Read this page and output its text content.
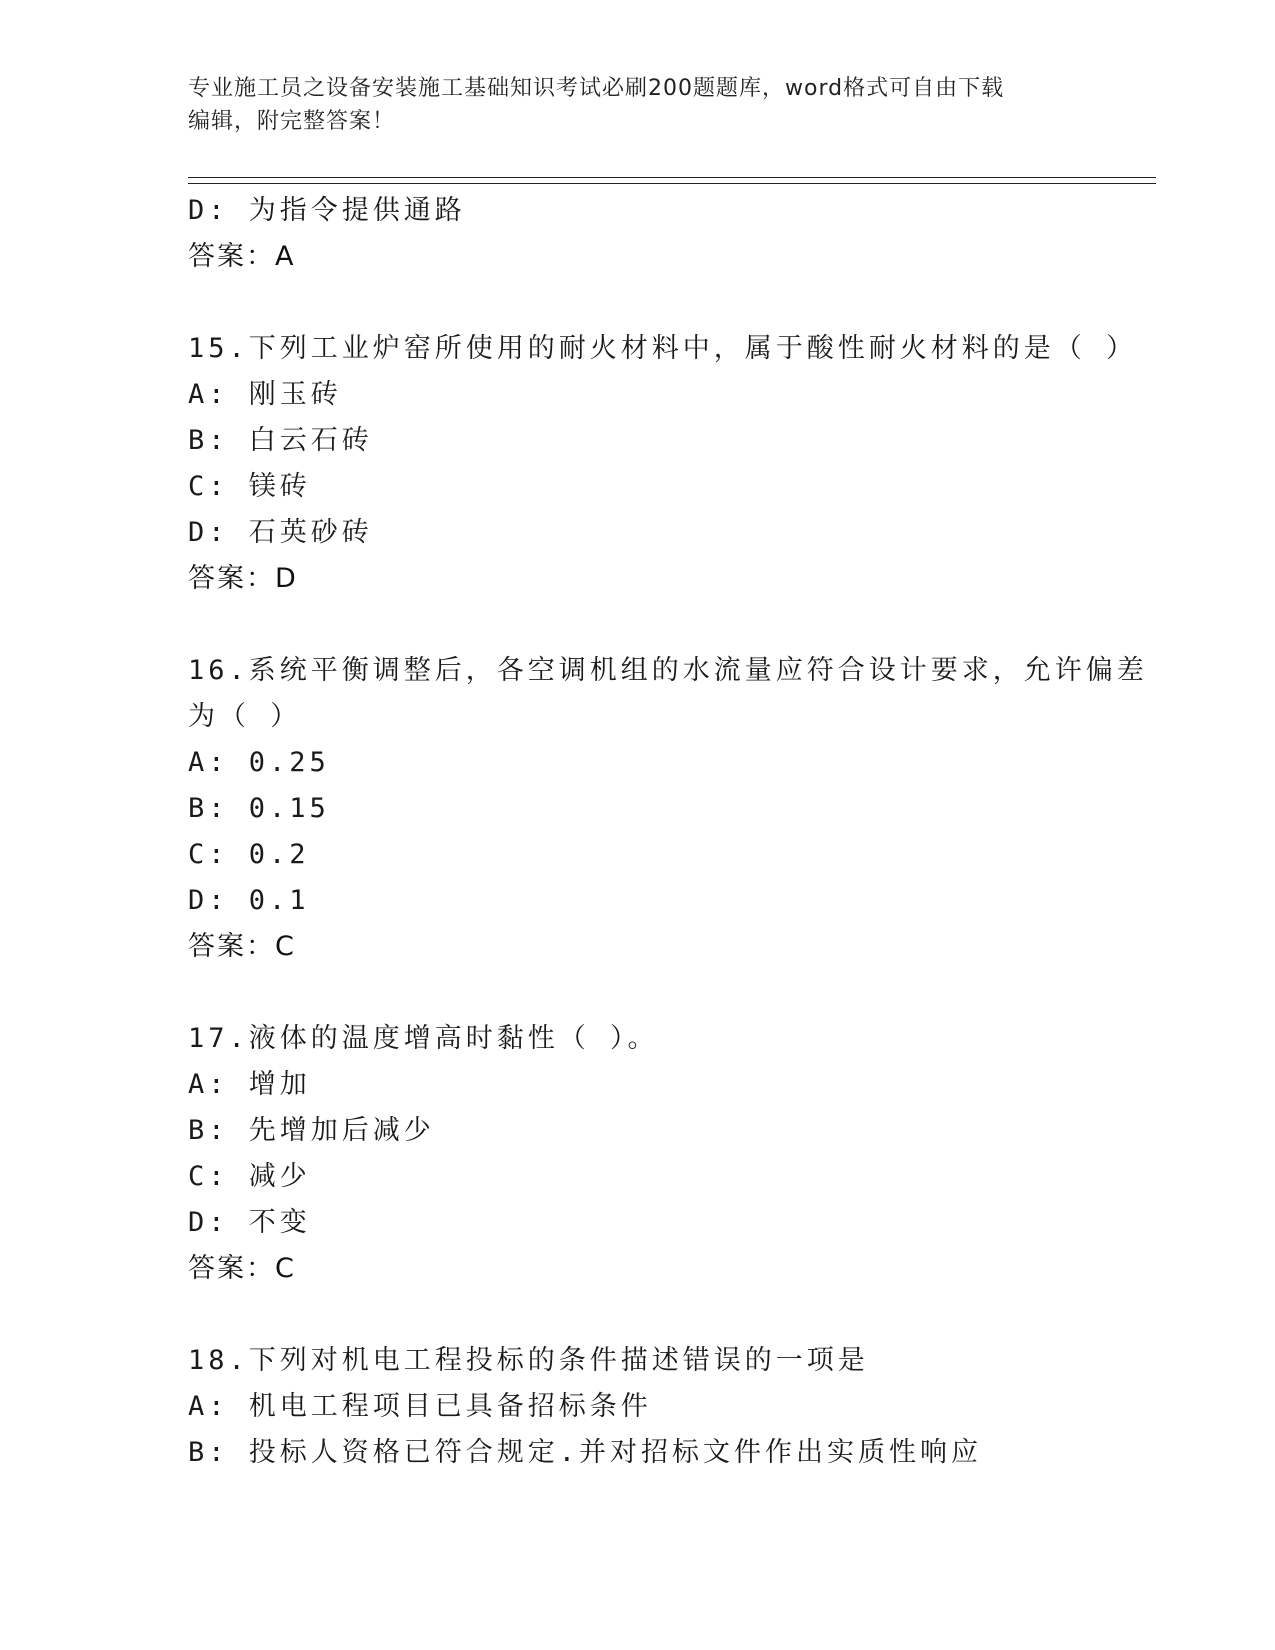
专业施工员之设备安装施工基础知识考试必刷200题题库，word格式可自由下载
编辑，附完整答案！
D: 为指令提供通路
答案：A
15.下列工业炉窑所使用的耐火材料中，属于酸性耐火材料的是（ ）
A: 刚玉砖
B: 白云石砖
C: 镁砖
D: 石英砂砖
答案：D
16.系统平衡调整后，各空调机组的水流量应符合设计要求，允许偏差
为（ ）
A: 0.25
B: 0.15
C: 0.2
D: 0.1
答案：C
17.液体的温度增高时黏性（ ）。
A: 增加
B: 先增加后减少
C: 减少
D: 不变
答案：C
18.下列对机电工程投标的条件描述错误的一项是
A: 机电工程项目已具备招标条件
B: 投标人资格已符合规定.并对招标文件作出实质性响应
